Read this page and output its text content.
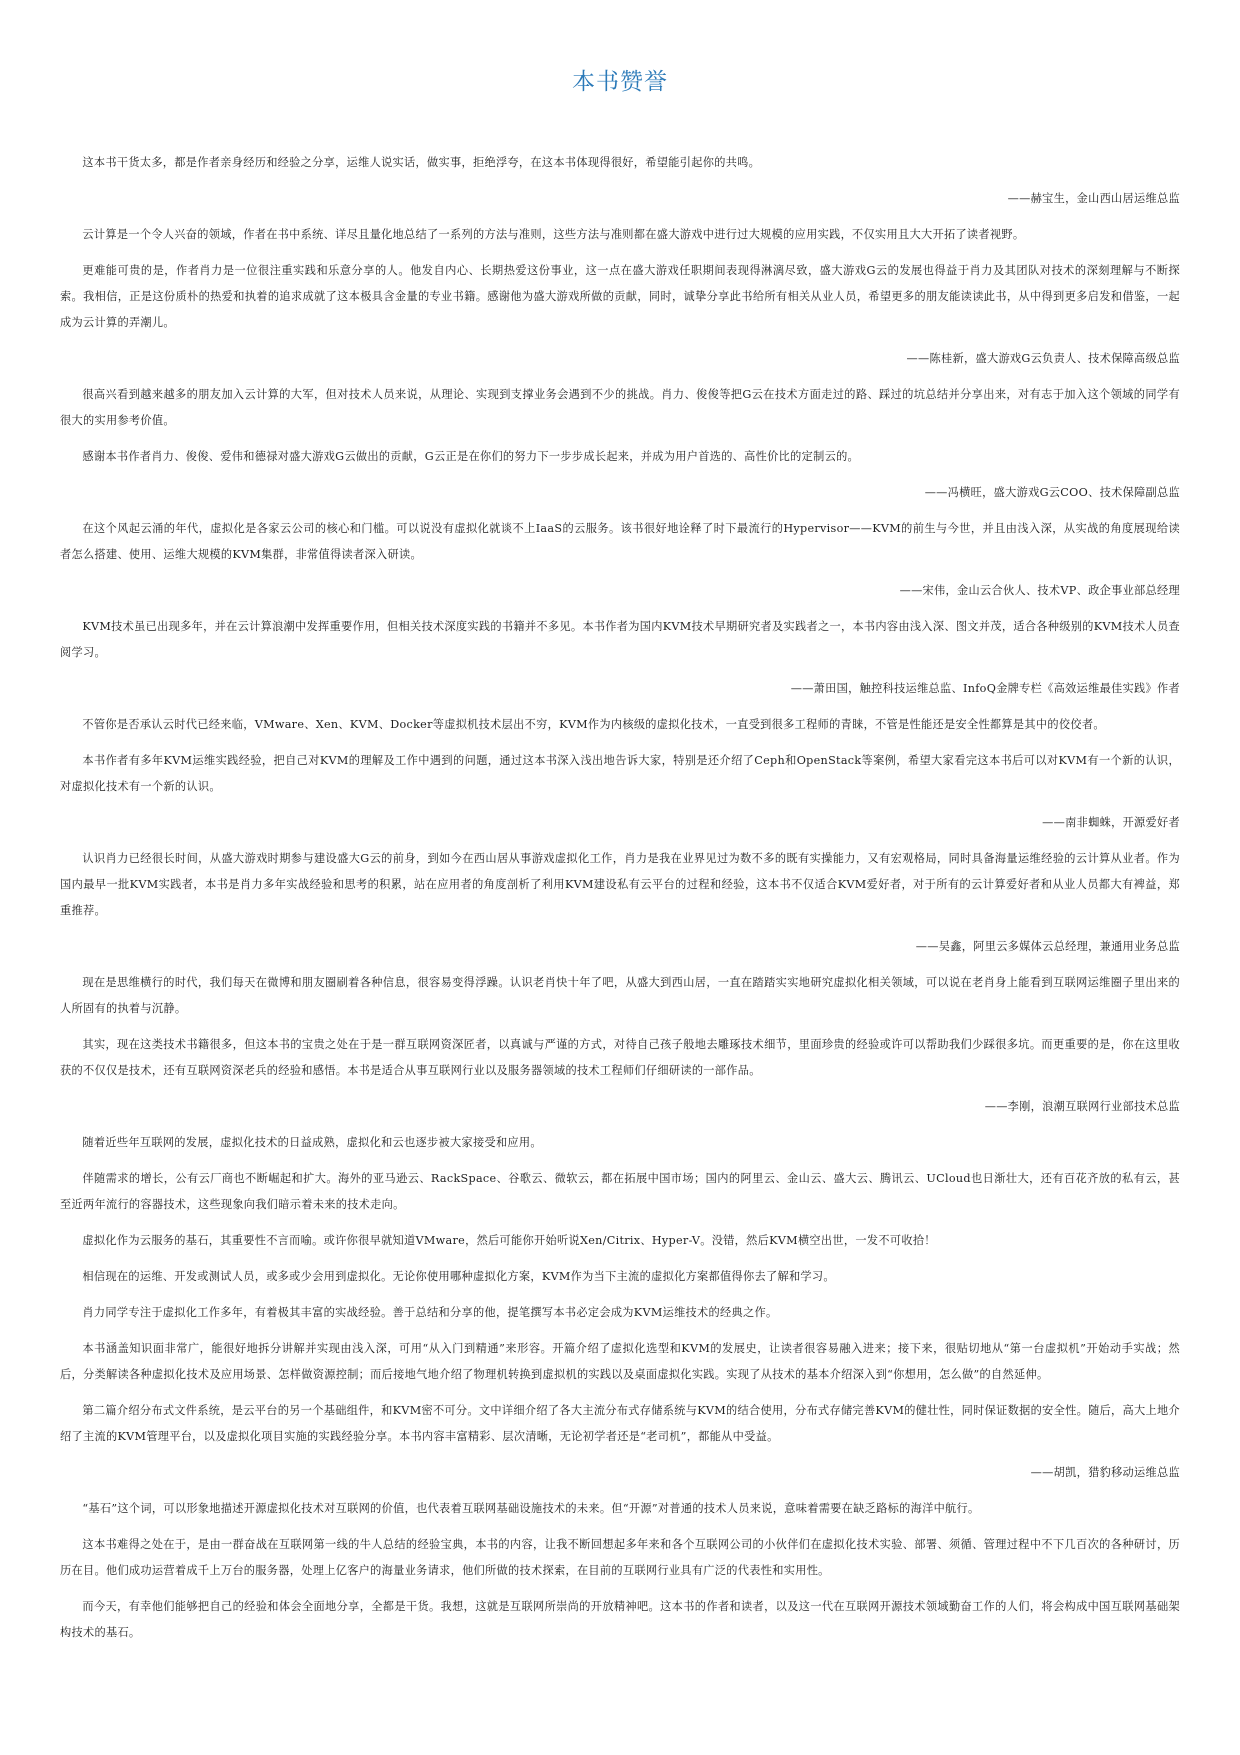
本书赞誉
这本书干货太多，都是作者亲身经历和经验之分享，运维人说实话，做实事，拒绝浮夸，在这本书体现得很好，希望能引起你的共鸣。
——赫宝生，金山西山居运维总监
云计算是一个令人兴奋的领域，作者在书中系统、详尽且量化地总结了一系列的方法与准则，这些方法与准则都在盛大游戏中进行过大规模的应用实践，不仅实用且大大开拓了读者视野。
更难能可贵的是，作者肖力是一位很注重实践和乐意分享的人。他发自内心、长期热爱这份事业，这一点在盛大游戏任职期间表现得淋漓尽致，盛大游戏G云的发展也得益于肖力及其团队对技术的深刻理解与不断探索。我相信，正是这份质朴的热爱和执着的追求成就了这本极具含金量的专业书籍。感谢他为盛大游戏所做的贡献，同时，诚挚分享此书给所有相关从业人员，希望更多的朋友能读读此书，从中得到更多启发和借鉴，一起成为云计算的弄潮儿。
——陈桂新，盛大游戏G云负责人、技术保障高级总监
很高兴看到越来越多的朋友加入云计算的大军，但对技术人员来说，从理论、实现到支撑业务会遇到不少的挑战。肖力、俊俊等把G云在技术方面走过的路、踩过的坑总结并分享出来，对有志于加入这个领域的同学有很大的实用参考价值。
感谢本书作者肖力、俊俊、爱伟和德禄对盛大游戏G云做出的贡献，G云正是在你们的努力下一步步成长起来，并成为用户首选的、高性价比的定制云的。
——冯横旺，盛大游戏G云COO、技术保障副总监
在这个风起云涌的年代，虚拟化是各家云公司的核心和门槛。可以说没有虚拟化就谈不上IaaS的云服务。该书很好地诠释了时下最流行的Hypervisor——KVM的前生与今世，并且由浅入深，从实战的角度展现给读者怎么搭建、使用、运维大规模的KVM集群，非常值得读者深入研读。
——宋伟，金山云合伙人、技术VP、政企事业部总经理
KVM技术虽已出现多年，并在云计算浪潮中发挥重要作用，但相关技术深度实践的书籍并不多见。本书作者为国内KVM技术早期研究者及实践者之一，本书内容由浅入深、图文并茂，适合各种级别的KVM技术人员查阅学习。
——萧田国，触控科技运维总监、InfoQ金牌专栏《高效运维最佳实践》作者
不管你是否承认云时代已经来临，VMware、Xen、KVM、Docker等虚拟机技术层出不穷，KVM作为内核级的虚拟化技术，一直受到很多工程师的青睐，不管是性能还是安全性都算是其中的佼佼者。
本书作者有多年KVM运维实践经验，把自己对KVM的理解及工作中遇到的问题，通过这本书深入浅出地告诉大家，特别是还介绍了Ceph和OpenStack等案例，希望大家看完这本书后可以对KVM有一个新的认识，对虚拟化技术有一个新的认识。
——南非蜘蛛，开源爱好者
认识肖力已经很长时间，从盛大游戏时期参与建设盛大G云的前身，到如今在西山居从事游戏虚拟化工作，肖力是我在业界见过为数不多的既有实操能力，又有宏观格局，同时具备海量运维经验的云计算从业者。作为国内最早一批KVM实践者，本书是肖力多年实战经验和思考的积累，站在应用者的角度剖析了利用KVM建设私有云平台的过程和经验，这本书不仅适合KVM爱好者，对于所有的云计算爱好者和从业人员都大有裨益，郑重推荐。
——吴鑫，阿里云多媒体云总经理，兼通用业务总监
现在是思维横行的时代，我们每天在微博和朋友圈刷着各种信息，很容易变得浮躁。认识老肖快十年了吧，从盛大到西山居，一直在踏踏实实地研究虚拟化相关领域，可以说在老肖身上能看到互联网运维圈子里出来的人所固有的执着与沉静。
其实，现在这类技术书籍很多，但这本书的宝贵之处在于是一群互联网资深匠者，以真诚与严谨的方式，对待自己孩子般地去雕琢技术细节，里面珍贵的经验或许可以帮助我们少踩很多坑。而更重要的是，你在这里收获的不仅仅是技术，还有互联网资深老兵的经验和感悟。本书是适合从事互联网行业以及服务器领域的技术工程师们仔细研读的一部作品。
——李刚，浪潮互联网行业部技术总监
随着近些年互联网的发展，虚拟化技术的日益成熟，虚拟化和云也逐步被大家接受和应用。
伴随需求的增长，公有云厂商也不断崛起和扩大。海外的亚马逊云、RackSpace、谷歌云、微软云，都在拓展中国市场；国内的阿里云、金山云、盛大云、腾讯云、UCloud也日渐壮大，还有百花齐放的私有云，甚至近两年流行的容器技术，这些现象向我们暗示着未来的技术走向。
虚拟化作为云服务的基石，其重要性不言而喻。或许你很早就知道VMware，然后可能你开始听说Xen/Citrix、Hyper-V。没错，然后KVM横空出世，一发不可收拾！
相信现在的运维、开发或测试人员，或多或少会用到虚拟化。无论你使用哪种虚拟化方案，KVM作为当下主流的虚拟化方案都值得你去了解和学习。
肖力同学专注于虚拟化工作多年，有着极其丰富的实战经验。善于总结和分享的他，提笔撰写本书必定会成为KVM运维技术的经典之作。
本书涵盖知识面非常广，能很好地拆分讲解并实现由浅入深，可用“从入门到精通”来形容。开篇介绍了虚拟化选型和KVM的发展史，让读者很容易融入进来；接下来，很贴切地从“第一台虚拟机”开始动手实战；然后，分类解读各种虚拟化技术及应用场景、怎样做资源控制；而后接地气地介绍了物理机转换到虚拟机的实践以及桌面虚拟化实践。实现了从技术的基本介绍深入到“你想用，怎么做”的自然延伸。
第二篇介绍分布式文件系统，是云平台的另一个基础组件，和KVM密不可分。文中详细介绍了各大主流分布式存储系统与KVM的结合使用，分布式存储完善KVM的健壮性，同时保证数据的安全性。随后，高大上地介绍了主流的KVM管理平台，以及虚拟化项目实施的实践经验分享。本书内容丰富精彩、层次清晰，无论初学者还是“老司机”，都能从中受益。
——胡凯，猎豹移动运维总监
“基石”这个词，可以形象地描述开源虚拟化技术对互联网的价值，也代表着互联网基础设施技术的未来。但“开源”对普通的技术人员来说，意味着需要在缺乏路标的海洋中航行。
这本书难得之处在于，是由一群奋战在互联网第一线的牛人总结的经验宝典，本书的内容，让我不断回想起多年来和各个互联网公司的小伙伴们在虚拟化技术实验、部署、须循、管理过程中不下几百次的各种研讨，历历在目。他们成功运营着成千上万台的服务器，处理上亿客户的海量业务请求，他们所做的技术探索，在目前的互联网行业具有广泛的代表性和实用性。
而今天，有幸他们能够把自己的经验和体会全面地分享，全都是干货。我想，这就是互联网所崇尚的开放精神吧。这本书的作者和读者，以及这一代在互联网开源技术领域勤奋工作的人们，将会构成中国互联网基础架构技术的基石。
